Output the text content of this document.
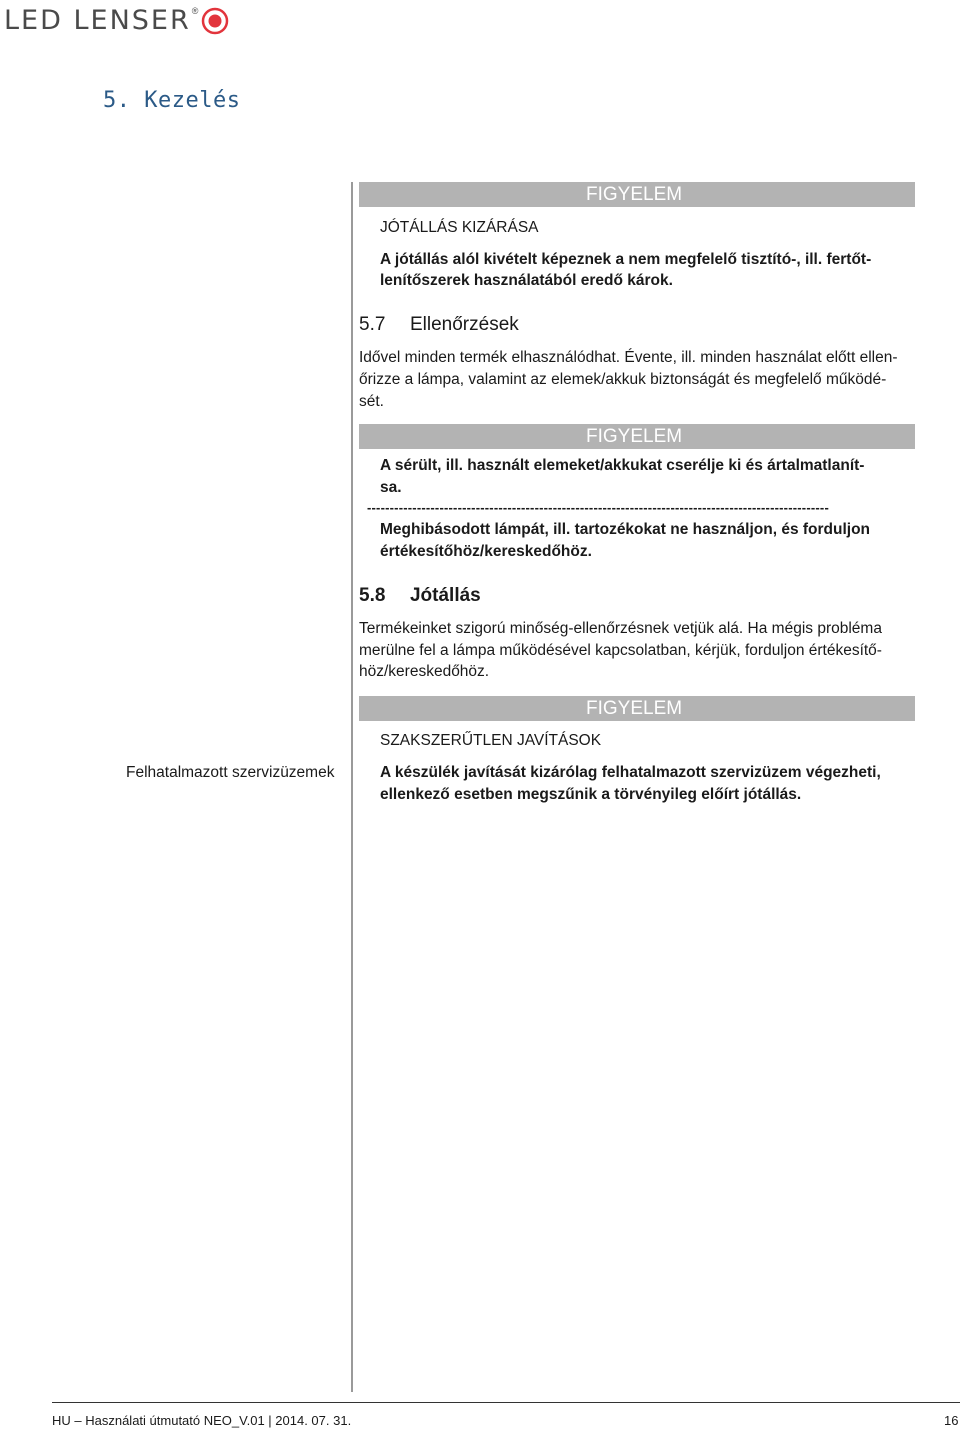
LED LENSER ®
5. Kezelés
FIGYELEM
JÓTÁLLÁS KIZÁRÁSA
A jótállás alól kivételt képeznek a nem megfelelő tisztító-, ill. fertőt-
lenítőszerek használatából eredő károk.
5.7 Ellenőrzések
Idővel minden termék elhasználódhat. Évente, ill. minden használat előtt ellen-
őrizze a lámpa, valamint az elemek/akkuk biztonságát és megfelelő működé-
sét.
FIGYELEM
A sérült, ill. használt elemeket/akkukat cserélje ki és ártalmatlanít-
sa.
------------------------------------------------------------------------------------------------------
Meghibásodott lámpát, ill. tartozékokat ne használjon, és forduljon
értékesítőhöz/kereskedőhöz.
5.8 Jótállás
Termékeinket szigorú minőség-ellenőrzésnek vetjük alá. Ha mégis probléma
merülne fel a lámpa működésével kapcsolatban, kérjük, forduljon értékesítő-
höz/kereskedőhöz.
FIGYELEM
SZAKSZERŰTLEN JAVÍTÁSOK
Felhatalmazott szervizüzemek	A készülék javítását kizárólag felhatalmazott szervizüzem végezheti,
ellenkező esetben megszűnik a törvényileg előírt jótállás.
HU – Használati útmutató NEO_V.01 | 2014. 07. 31.	16
